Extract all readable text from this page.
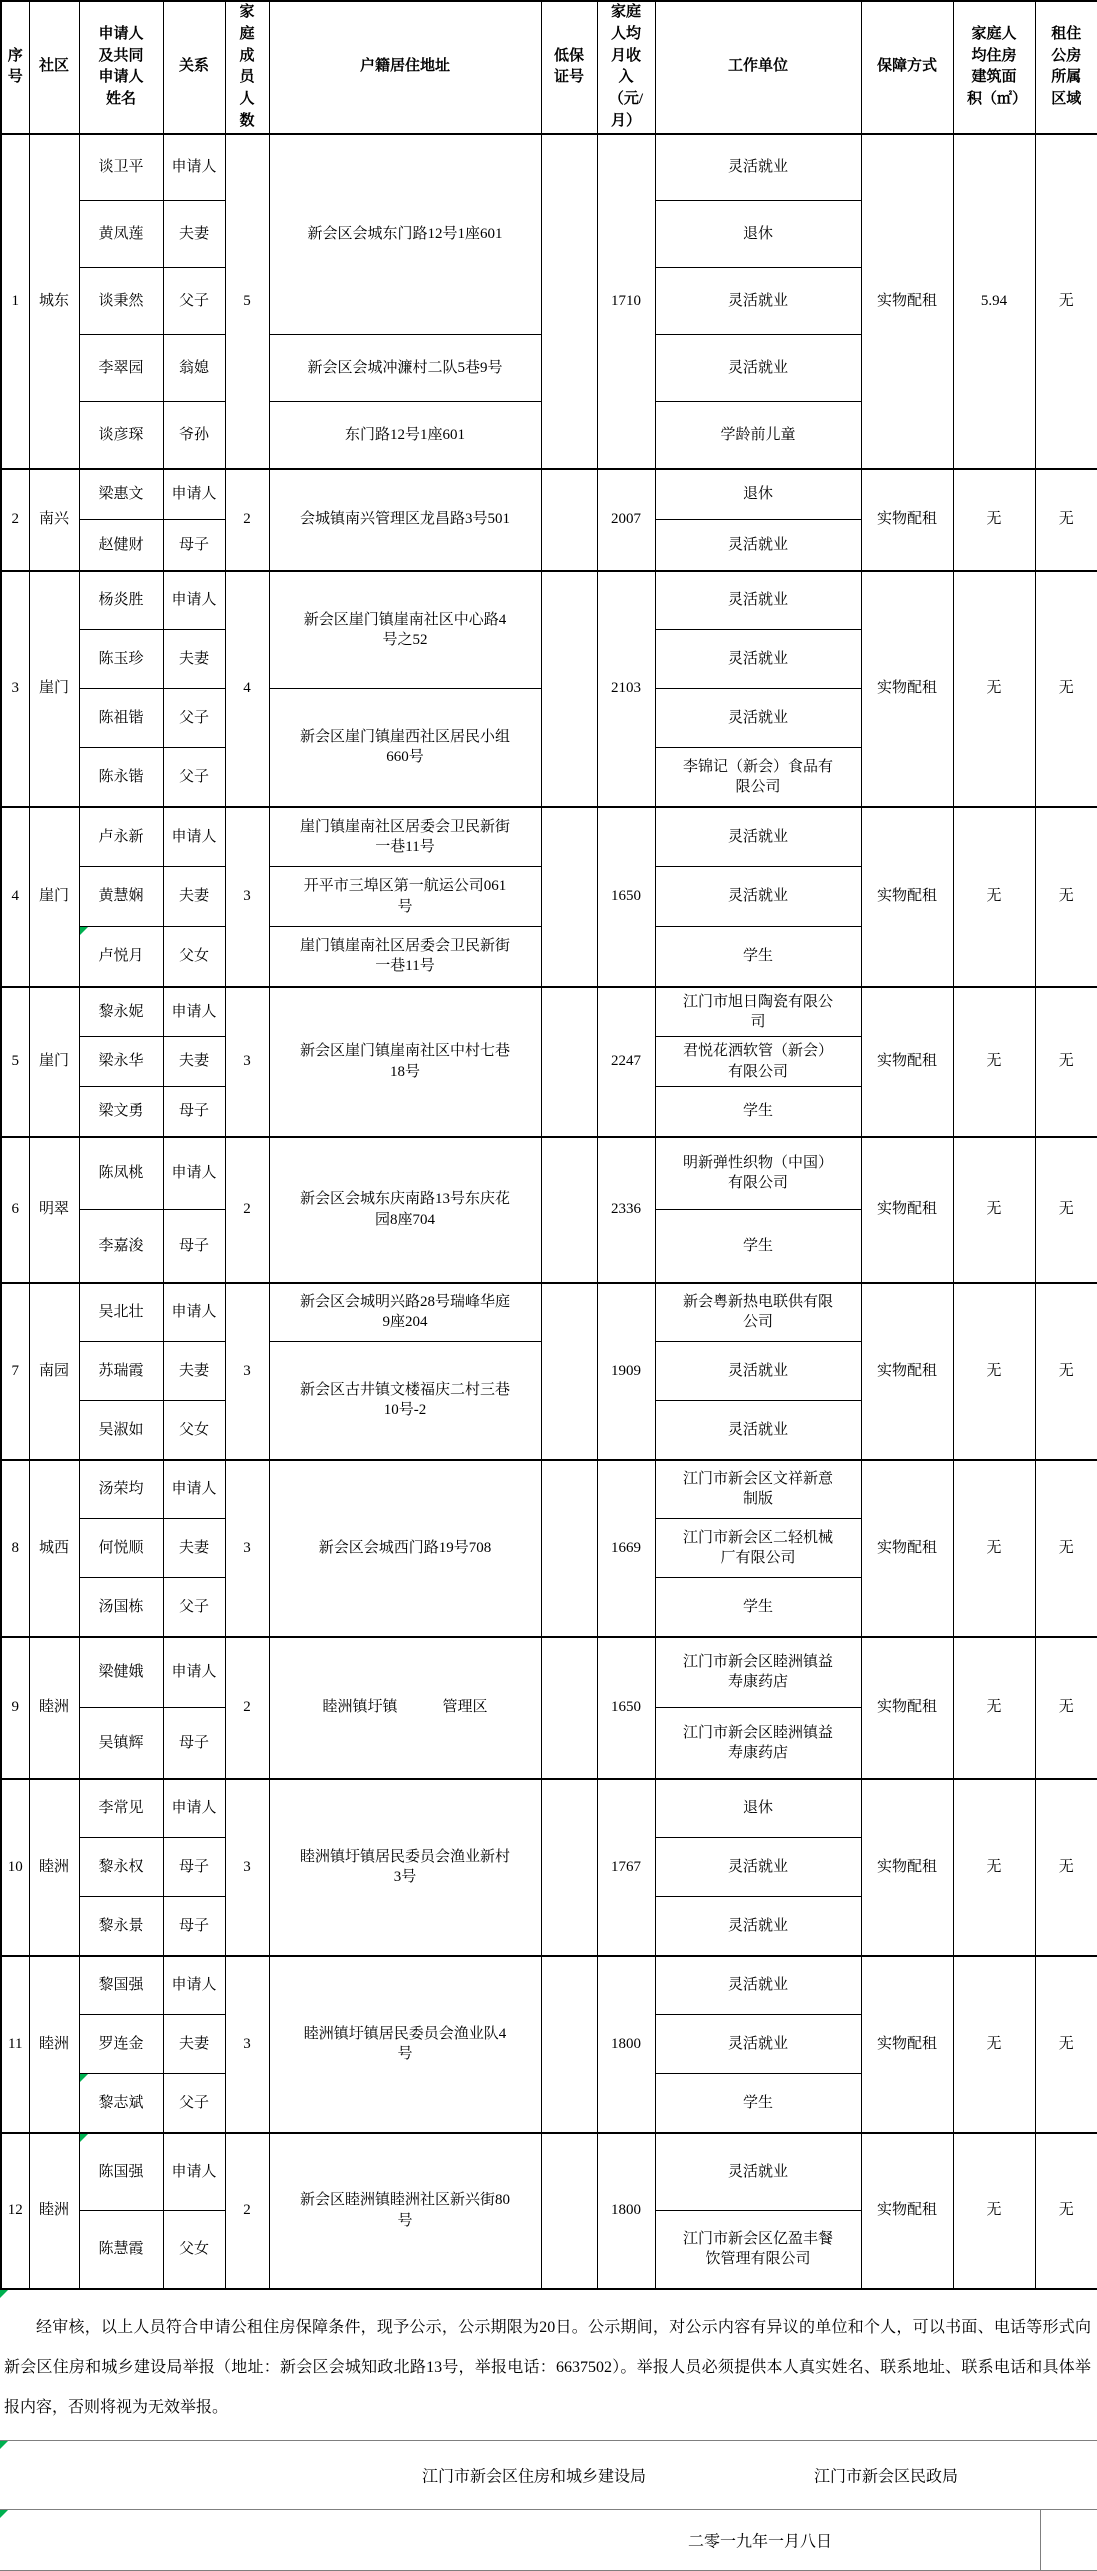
序号	社区	申请人及共同申请人姓名	关系	家庭成员人数	户籍居住地址	低保证号	家庭人均月收入（元/月）	工作单位	保障方式	家庭人均住房建筑面积（㎡）	租住公房所属区域
1	城东	谈卫平	申请人	5	新会区会城东门路12号1座601		1710	灵活就业	实物配租	5.94	无
		黄凤莲	夫妻					退休			
		谈秉然	父子					灵活就业			
		李翠园	翁媳		新会区会城冲濂村二队5巷9号			灵活就业			
		谈彦琛	爷孙		东门路12号1座601			学龄前儿童			
2	南兴	梁惠文	申请人	2	会城镇南兴管理区龙昌路3号501		2007	退休	实物配租	无	无
		赵健财	母子					灵活就业			
3	崖门	杨炎胜	申请人	4	新会区崖门镇崖南社区中心路4号之52		2103	灵活就业	实物配租	无	无
		陈玉珍	夫妻					灵活就业			
		陈祖锴	父子		新会区崖门镇崖西社区居民小组660号			灵活就业			
		陈永锴	父子					李锦记（新会）食品有限公司			
4	崖门	卢永新	申请人	3	崖门镇崖南社区居委会卫民新街一巷11号		1650	灵活就业	实物配租	无	无
		黄慧娴	夫妻		开平市三埠区第一航运公司061号			灵活就业			
		卢悦月	父女		崖门镇崖南社区居委会卫民新街一巷11号			学生			
5	崖门	黎永妮	申请人	3	新会区崖门镇崖南社区中村七巷18号		2247	江门市旭日陶瓷有限公司	实物配租	无	无
		梁永华	夫妻					君悦花洒软管（新会）有限公司			
		梁文勇	母子					学生			
6	明翠	陈凤桃	申请人	2	新会区会城东庆南路13号东庆花园8座704		2336	明新弹性织物（中国）有限公司	实物配租	无	无
		李嘉浚	母子					学生			
7	南园	吴北壮	申请人	3	新会区会城明兴路28号瑞峰华庭9座204		1909	新会粤新热电联供有限公司	实物配租	无	无
		苏瑞霞	夫妻		新会区古井镇文楼福庆二村三巷10号-2			灵活就业			
		吴淑如	父女					灵活就业			
8	城西	汤荣均	申请人	3	新会区会城西门路19号708		1669	江门市新会区文祥新意制版	实物配租	无	无
		何悦顺	夫妻					江门市新会区二轻机械厂有限公司			
		汤国栋	父子					学生			
9	睦洲	梁健娥	申请人	2	睦洲镇圩镇　　　管理区		1650	江门市新会区睦洲镇益寿康药店	实物配租	无	无
		吴镇辉	母子					江门市新会区睦洲镇益寿康药店			
10	睦洲	李常见	申请人	3	睦洲镇圩镇居民委员会渔业新村3号		1767	退休	实物配租	无	无
		黎永权	母子					灵活就业			
		黎永景	母子					灵活就业			
11	睦洲	黎国强	申请人	3	睦洲镇圩镇居民委员会渔业队4号		1800	灵活就业	实物配租	无	无
		罗连金	夫妻					灵活就业			
		黎志斌	父子					学生			
12	睦洲	陈国强	申请人	2	新会区睦洲镇睦洲社区新兴街80号		1800	灵活就业	实物配租	无	无
		陈慧霞	父女					江门市新会区亿盈丰餐饮管理有限公司			
经审核，以上人员符合申请公租住房保障条件，现予公示，公示期限为20日。公示期间，对公示内容有异议的单位和个人，可以书面、电话等形式向新会区住房和城乡建设局举报（地址：新会区会城知政北路13号，举报电话：6637502）。举报人员必须提供本人真实姓名、联系地址、联系电话和具体举报内容，否则将视为无效举报。
江门市新会区住房和城乡建设局	江门市新会区民政局
二零一九年一月八日
